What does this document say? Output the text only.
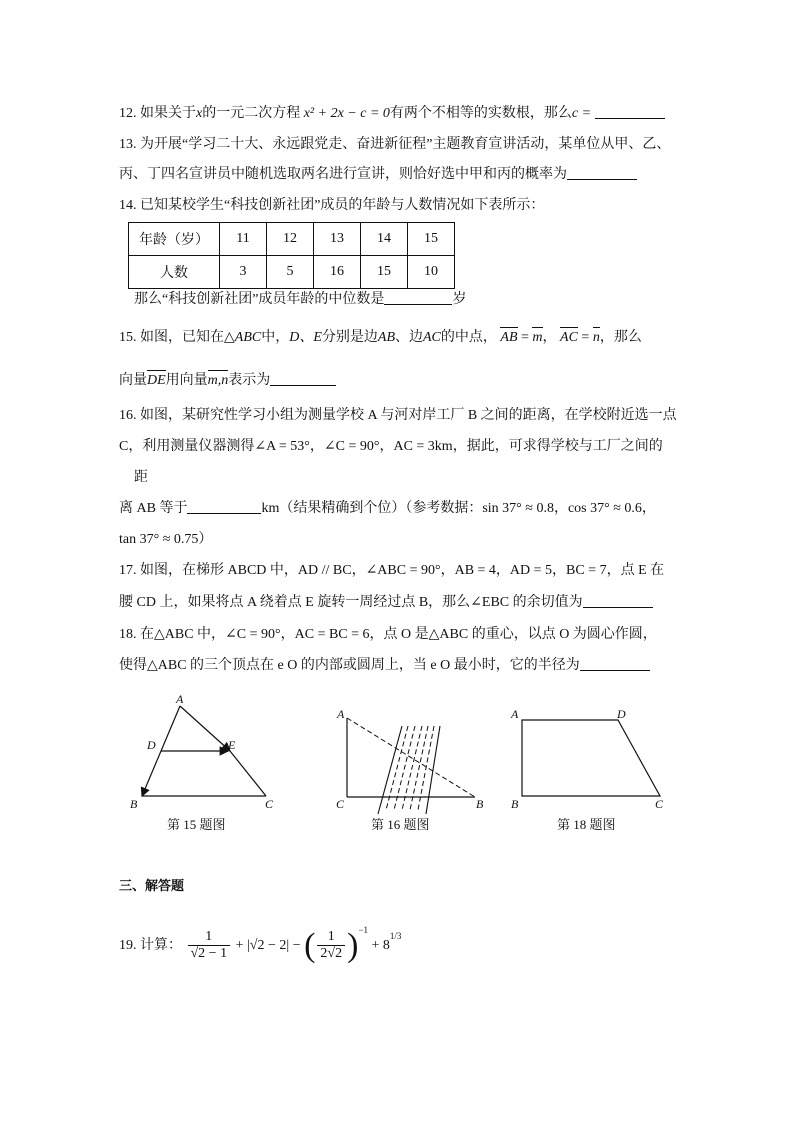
12. 如果关于x的一元二次方程 x² + 2x − c = 0有两个不相等的实数根，那么c =
13. 为开展“学习二十大、永远跟党走、奋进新征程”主题教育宣讲活动，某单位从甲、乙、
丙、丁四名宣讲员中随机选取两名进行宣讲，则恰好选中甲和丙的概率为
14. 已知某校学生“科技创新社团”成员的年龄与人数情况如下表所示：
年龄（岁）	11	12	13	14	15
人数	3	5	16	15	10
那么“科技创新社团”成员年龄的中位数是	岁
15. 如图，已知在△ABC中，D、E分别是边AB、边AC的中点， AB = m， AC = n，那么
向量DE用向量m,n表示为
16. 如图，某研究性学习小组为测量学校 A 与河对岸工厂 B 之间的距离，在学校附近选一点
C，利用测量仪器测得∠A = 53°，∠C = 90°，AC = 3km，据此，可求得学校与工厂之间的
距
离 AB 等于	km（结果精确到个位）（参考数据：sin 37° ≈ 0.8，cos 37° ≈ 0.6，
tan 37° ≈ 0.75）
17. 如图，在梯形 ABCD 中，AD // BC，∠ABC = 90°，AB = 4，AD = 5，BC = 7，点 E 在
腰 CD 上，如果将点 A 绕着点 E 旋转一周经过点 B，那么∠EBC 的余切值为
18. 在△ABC 中，∠C = 90°，AC = BC = 6，点 O 是△ABC 的重心，以点 O 为圆心作圆，
使得△ABC 的三个顶点在 e O 的内部或圆周上，当 e O 最小时，它的半径为
A
D	E
B	C
第 15 题图
A
C	B
第 16 题图
A	D
B	C
第 18 题图
三、解答题
19. 计算： $\frac{1}{√2 - 1} + |√2 - 2|$ − ( $\frac{1}{2√2} )^{-1} + 8^{1/3}$
